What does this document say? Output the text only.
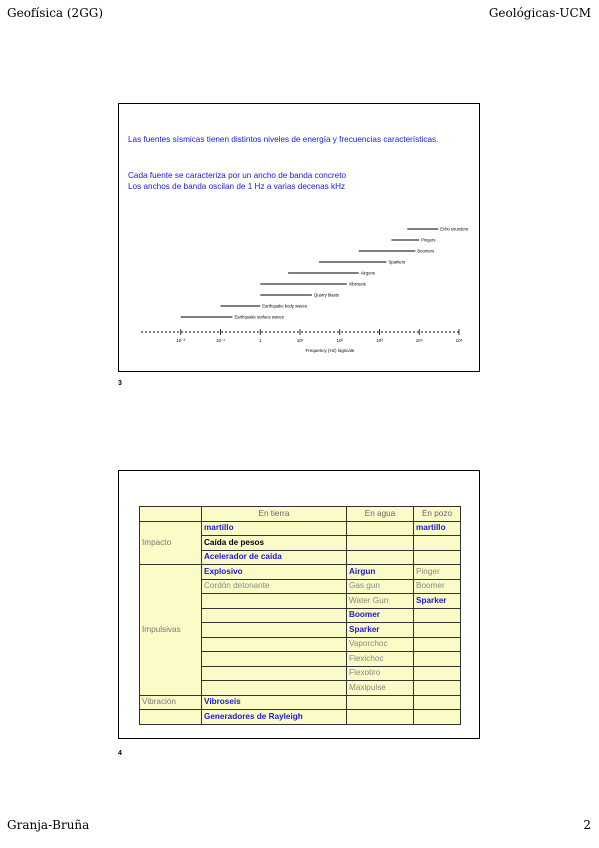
Geofísica (2GG)	Geológicas-UCM
Las fuentes sísmicas tienen distintos niveles de energía y frecuencias características.
Cada fuente se caracteriza por un ancho de banda concreto
Los anchos de banda oscilan de 1 Hz a varias decenas kHz
10⁻²	10⁻¹	1	10¹	10²	10³	10⁴	10⁵
Frequency (Hz) logscale
Earthquake surface waves
Earthquake body waves
Quarry blasts
Vibroseis
Airguns
Sparkers
Boomers
Pingers
Echo sounders
3
	En tierra	En agua	En pozo
Impacto	martillo		martillo
	Caída de pesos		
	Acelerador de caída		
Impulsivas	Explosivo	Airgun	Pinger
	Cordón detonante	Gas gun	Boomer
		Water Gun	Sparker
		Boomer	
		Sparker	
		Vaporchoc	
		Flexichoc	
		Flexotiro	
		Maxipulse	
Vibración	Vibroseis		
	Generadores de Rayleigh		
4
Granja-Bruña	2
